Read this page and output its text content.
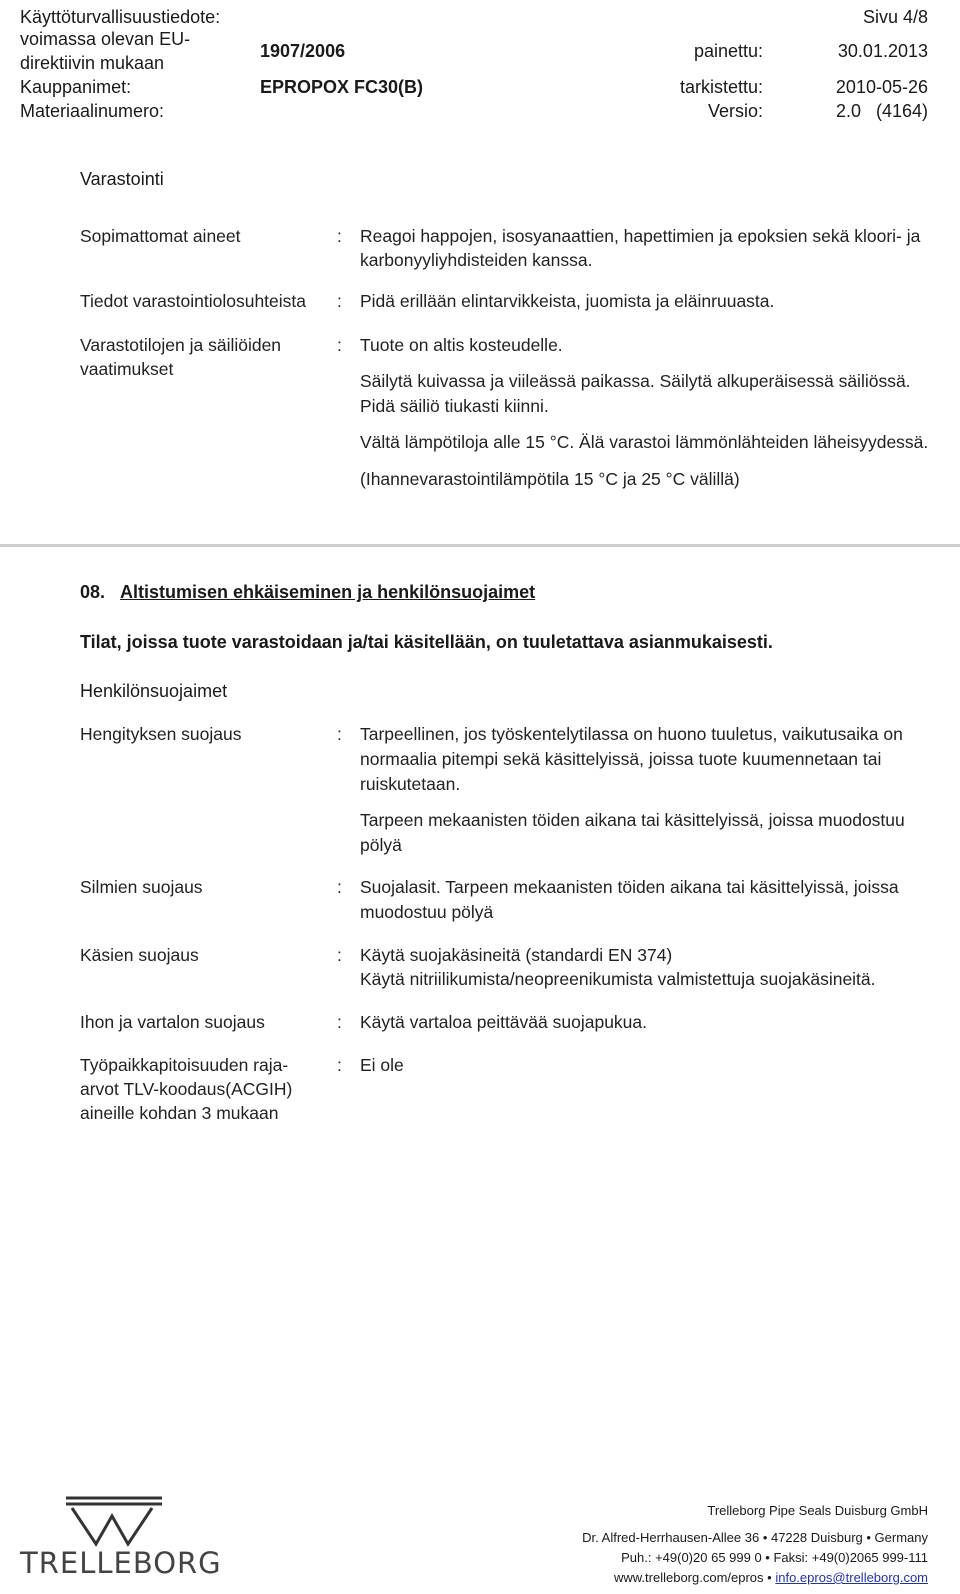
Käyttöturvallisuustiedote:	Sivu 4/8
voimassa olevan EU-
direktiivin mukaan
1907/2006	painettu:	30.01.2013
Kauppanimet:	EPROPOX FC30(B)	tarkistettu:	2010-05-26
Materiaalinumero:	Versio:	2.0 (4164)
Varastointi
Sopimattomat aineet	: Reagoi happojen, isosyanaattien, hapettimien ja epoksien sekä kloori- ja
karbonyyliyhdisteiden kanssa.
Tiedot varastointiolosuhteista : Pidä erillään elintarvikkeista, juomista ja eläinruuasta.
Varastotilojen ja säiliöiden
vaatimukset
: Tuote on altis kosteudelle.
Säilytä kuivassa ja viileässä paikassa. Säilytä alkuperäisessä säiliössä.
Pidä säiliö tiukasti kiinni.
Vältä lämpötiloja alle 15 °C. Älä varastoi lämmönlähteiden läheisyydessä.
(Ihannevarastointilämpötila 15 °C ja 25 °C välillä)
08. Altistumisen ehkäiseminen ja henkilönsuojaimet
Tilat, joissa tuote varastoidaan ja/tai käsitellään, on tuuletattava asianmukaisesti.
Henkilönsuojaimet
Hengityksen suojaus	: Tarpeellinen, jos työskentelytilassa on huono tuuletus, vaikutusaika on
normaalia pitempi sekä käsittelyissä, joissa tuote kuumennetaan tai
ruiskutetaan.
Tarpeen mekaanisten töiden aikana tai käsittelyissä, joissa muodostuu
pölyä
Silmien suojaus	: Suojalasit. Tarpeen mekaanisten töiden aikana tai käsittelyissä, joissa
muodostuu pölyä
Käsien suojaus	: Käytä suojakäsineitä (standardi EN 374)
Käytä nitriilikumista/neopreenikumista valmistettuja suojakäsineitä.
Ihon ja vartalon suojaus	: Käytä vartaloa peittävää suojapukua.
Työpaikkapitoisuuden raja-
arvot TLV-koodaus(ACGIH)
aineille kohdan 3 mukaan
: Ei ole
TRELLEBORG
Trelleborg Pipe Seals Duisburg GmbH
Dr. Alfred-Herrhausen-Allee 36 • 47228 Duisburg • Germany
Puh.: +49(0)20 65 999 0 • Faksi: +49(0)2065 999-111
www.trelleborg.com/epros • info.epros@trelleborg.com
